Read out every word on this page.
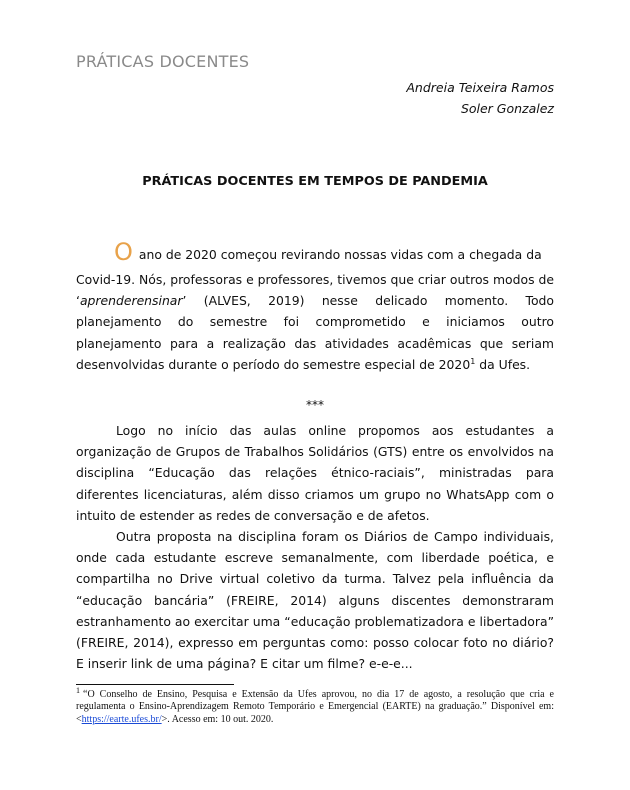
PRÁTICAS DOCENTES
Andreia Teixeira Ramos
Soler Gonzalez
PRÁTICAS DOCENTES EM TEMPOS DE PANDEMIA
Oano de 2020 começou revirando nossas vidas com a chegada da

Covid-19. Nós, professoras e professores, tivemos que criar outros modos de ‘aprenderensinar’ (ALVES, 2019) nesse delicado momento. Todo planejamento do semestre foi comprometido e iniciamos outro planejamento para a realização das atividades acadêmicas que seriam desenvolvidas durante o período do semestre especial de 2020$^1$ da Ufes.

***

Logo no início das aulas online propomos aos estudantes a organização de Grupos de Trabalhos Solidários (GTS) entre os envolvidos na disciplina “Educação das relações étnico-raciais”, ministradas para diferentes licenciaturas, além disso criamos um grupo no WhatsApp com o intuito de estender as redes de conversação e de afetos.

Outra proposta na disciplina foram os Diários de Campo individuais, onde cada estudante escreve semanalmente, com liberdade poética, e compartilha no Drive virtual coletivo da turma. Talvez pela influência da “educação bancária” (FREIRE, 2014) alguns discentes demonstraram estranhamento ao exercitar uma “educação problematizadora e libertadora” (FREIRE, 2014), expresso em perguntas como: posso colocar foto no diário? E inserir link de uma página? E citar um filme? e-e-e...

$^1$ “O Conselho de Ensino, Pesquisa e Extensão da Ufes aprovou, no dia 17 de agosto, a resolução que cria e regulamenta o Ensino-Aprendizagem Remoto Temporário e Emergencial (EARTE) na graduação.” Disponível em: <https://earte.ufes.br/>. Acesso em: 10 out. 2020.
